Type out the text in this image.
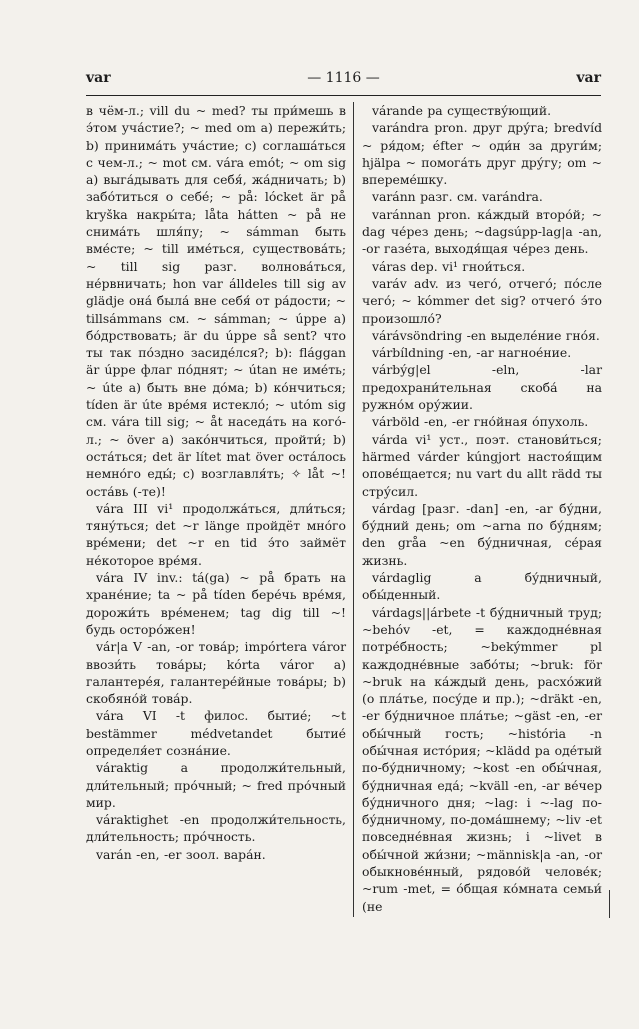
var	— 1116 —	var

в чём-л.; vill du ~ med? ты при́мешь в э́том уча́стие?; ~ med om а) пережи́ть; b) принима́ть уча́стие; c) соглаша́ться с чем-л.; ~ mot см. vára emót; ~ om sig a) выга́дывать для себя́, жа́дничать; b) забо́титься о себе́; ~ på: lócket är på kryška накры́та; låta hátten ~ på не снима́ть шля́пу; ~ sámman быть вме́сте; ~ till име́ться, существова́ть; ~ till sig разг. волнова́ться, не́рвничать; hon var álldeles till sig av glädje она́ была́ вне себя́ от ра́дости; ~ tillsámmans см. ~ sámman; ~ úppe a) бо́дрствовать; är du úppe så sent? что ты так по́здно засиде́лся?; b): flággan är úppe флаг по́днят; ~ útan не име́ть; ~ úte a) быть вне до́ма; b) ко́нчиться; tíden är úte вре́мя истекло́; ~ utóm sig см. vára till sig; ~ åt наседа́ть на кого́-л.; ~ över a) зако́нчиться, пройти́; b) оста́ться; det är lítet mat över оста́лось немно́го еды́; c) возглавля́ть; ✧ låt ~! оста́вь (-те)!

vára III vi¹ продолжа́ться, дли́ться; тяну́ться; det ~r länge пройдёт мно́го вре́мени; det ~r en tid э́то займёт не́которое вре́мя.

vára IV inv.: tá(ga) ~ på брать на хране́ние; ta ~ på tíden бере́чь вре́мя, дорожи́ть вре́менем; tag dig till ~! будь осторо́жен!

vár|a V -an, -or това́р; impórtera várоr ввози́ть това́ры; kórta várоr a) галантере́я, галантере́йные това́ры; b) скобяно́й това́р.

vára VI -t филос. бытие́; ~t bestämmer médvetandet бытие́ определя́ет созна́ние.

váraktig a продолжи́тельный, дли́тельный; про́чный; ~ fred про́чный мир.

váraktighet -en продолжи́тельность, дли́тельность; про́чность.

varán -en, -er зоол. вара́н.

várande pa существу́ющий.

varándra pron. друг дру́га; bredvíd ~ ря́дом; éfter ~ оди́н за други́м; hjälpa ~ помога́ть друг дру́гу; om ~ впереме́шку.

varánn разг. см. varándra.

varánnan pron. ка́ждый второ́й; ~ dag че́рез день; ~dagsúpp-lag|a -an, -or газе́та, выходя́щая че́рез день.

váras dep. vi¹ гнои́ться.

varáv adv. из чего́, отчего́; по́сле чего́; ~ kómmer det sig? отчего́ э́то произошло́?

várávsöndring -en выделе́ние гно́я.

várbíldning -en, -ar нагное́ние.

várbýg|el -eln, -lar предохрани́тельная скоба́ на ружно́м ору́жии.

várböld -en, -er гно́йная о́пухоль.

várda vi¹ уст., поэт. станови́ться; härmed várder kúngjort настоя́щим опове́щается; nu vart du allt rädd ты стру́сил.

várdag [разг. -dan] -en, -ar бу́дни, бу́дний день; om ~arna по бу́дням; den gråa ~en бу́дничная, се́рая жизнь.

várdaglig a бу́дничный, обы́денный.

várdags||árbete -t бу́дничный труд; ~behóv -et, = каждодне́вная потре́бность; ~bekýmmer pl каждодне́вные забо́ты; ~bruk: för ~bruk на ка́ждый день, расхо́жий (о пла́тье, посу́де и пр.); ~dräkt -en, -er бу́дничное пла́тье; ~gäst -en, -er обы́чный гость; ~história -n обы́чная исто́рия; ~klädd pa оде́тый по-бу́дничному; ~kost -en обы́чная, бу́дничная еда́; ~kväll -en, -ar ве́чер бу́дничного дня; ~lag: i ~-lag по-бу́дничному, по-дома́шнему; ~liv -et повседне́вная жизнь; i ~livet в обы́чной жи́зни; ~människ|a -an, -or обыкнове́нный, рядово́й челове́к; ~rum -met, = о́бщая ко́мната семьи́ (не
